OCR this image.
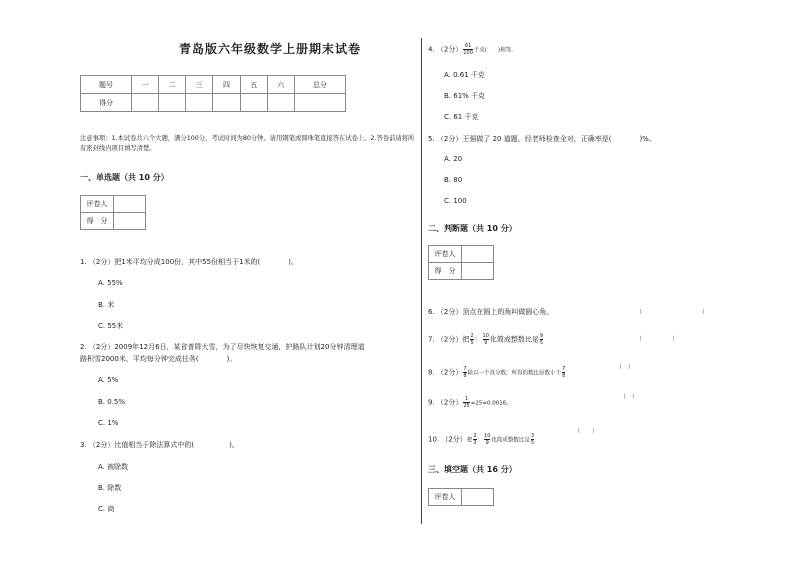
青岛版六年级数学上册期末试卷
题号	一	二	三	四	五	六	总分
得分							
注意事项：1.本试卷共六个大题，满分100分，考试时间为80分钟。请用钢笔或圆珠笔直接答在试卷上。2.答卷前请将所有密封线内项目填写清楚。
一、单选题（共 10 分）
评卷人	
得　分	
1. （2分）把1米平均分成100份，其中55份相当于1米的(　　　　)。
A. 55%
B. 米
C. 55米
2. （2分）2009年12月6日，某省普降大雪，为了尽快恢复交通，护路队计划20分钟清理道
路积雪2000米，平均每分钟完成任务(　　　　)。
A. 5%
B. 0.5%
C. 1%
3. （2分）比值相当于除法算式中的(　　　　　)。
A. 被除数
B. 除数
C. 商
4. （2分） $\frac{61}{100}$ 千克(　　)相等。
A. 0.61 千克
B. 61% 千克
C. 61 千克
5. （2分）王强做了 20 道题，经老师检查全对，正确率是(　　　　)%。
A. 20
B. 80
C. 100
二、判断题（共 10 分）
评卷人	
得　分	
6. （2分）顶点在圆上的角叫做圆心角。	（　　　　　　　　　　）
7. （2分）把 $\frac{2}{5}$ ： $\frac{10}{9}$ 化简成整数比是 $\frac{9}{5}$	（　　　　　）
8. （2分） $\frac{7}{8}$ 除以一个真分数，所得的数比原数小于 $\frac{7}{8}$	（　）
9. （2分） $\frac{1}{25} =25=0.0016$。
（　）
10. （2分）把 $\frac{2}{3}$ ： $\frac{10}{9}$ 化简成整数比是 $\frac{3}{5}$
（　　）
三、填空题（共 16 分）
评卷人	
